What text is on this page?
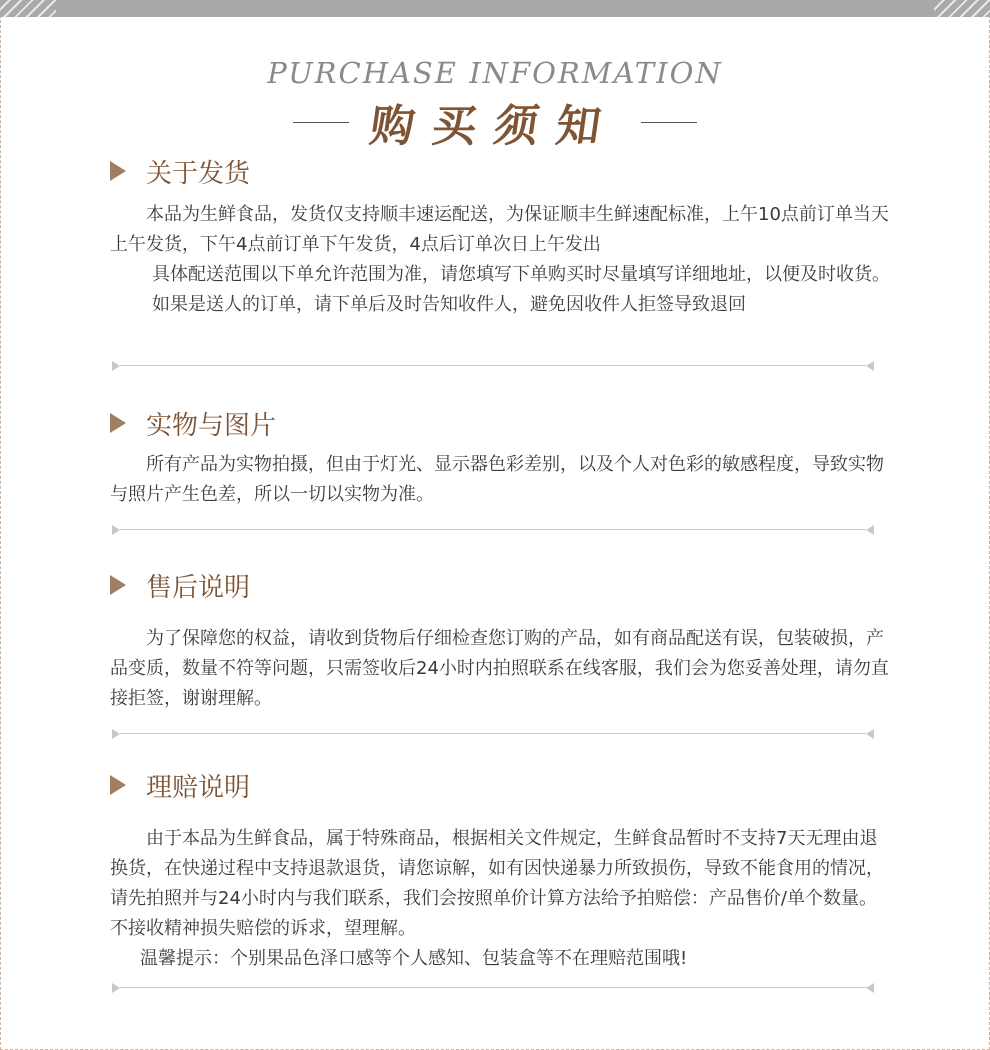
PURCHASE INFORMATION
购买须知
关于发货

本品为生鲜食品，发货仅支持顺丰速运配送，为保证顺丰生鲜速配标准，上午10点前订单当天上午发货，下午4点前订单下午发货，4点后订单次日上午发出

具体配送范围以下单允许范围为准，请您填写下单购买时尽量填写详细地址，以便及时收货。

如果是送人的订单，请下单后及时告知收件人，避免因收件人拒签导致退回

实物与图片

所有产品为实物拍摄，但由于灯光、显示器色彩差别，以及个人对色彩的敏感程度，导致实物与照片产生色差，所以一切以实物为准。

售后说明

为了保障您的权益，请收到货物后仔细检查您订购的产品，如有商品配送有误，包装破损，产品变质，数量不符等问题，只需签收后24小时内拍照联系在线客服，我们会为您妥善处理，请勿直接拒签，谢谢理解。

理赔说明

由于本品为生鲜食品，属于特殊商品，根据相关文件规定，生鲜食品暂时不支持7天无理由退换货，在快递过程中支持退款退货，请您谅解，如有因快递暴力所致损伤，导致不能食用的情况，请先拍照并与24小时内与我们联系，我们会按照单价计算方法给予拍赔偿：产品售价/单个数量。不接收精神损失赔偿的诉求，望理解。

温馨提示：个别果品色泽口感等个人感知、包装盒等不在理赔范围哦!
